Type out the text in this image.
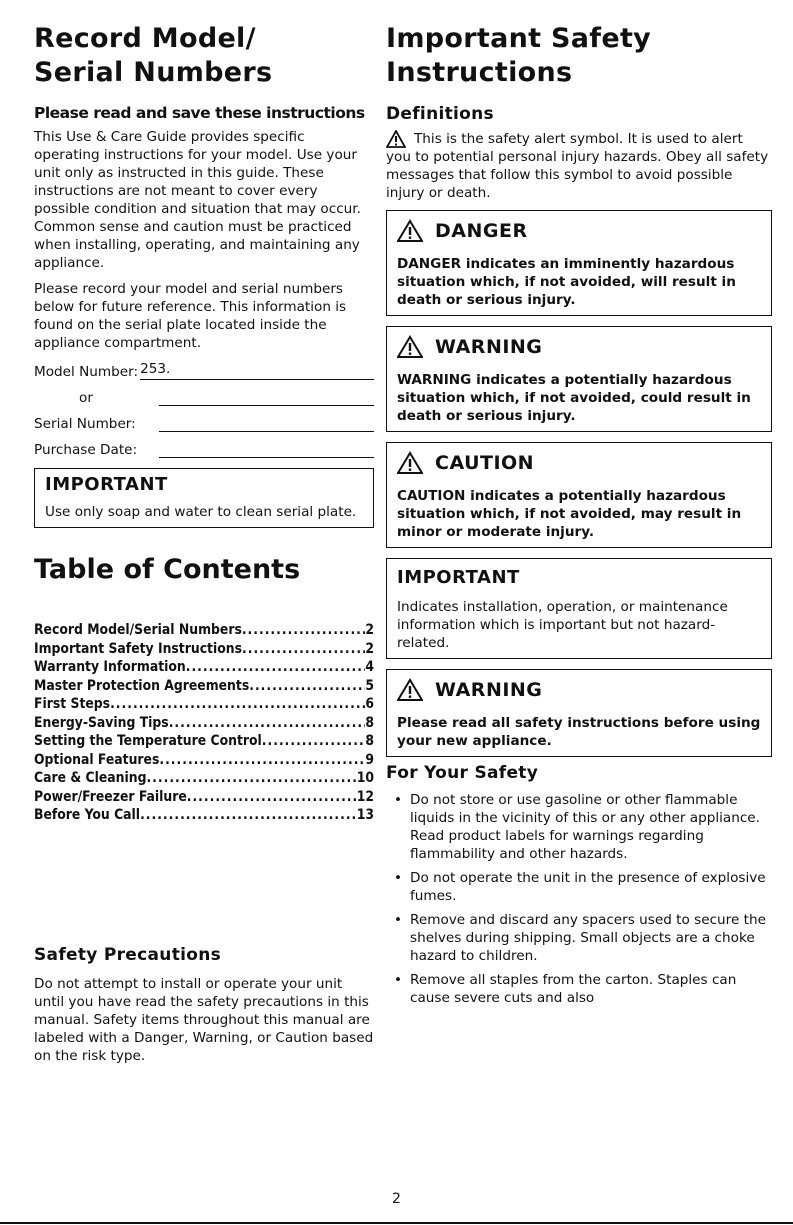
Record Model/
Serial Numbers
Please read and save these instructions

This Use & Care Guide provides specific operating instructions for your model. Use your unit only as instructed in this guide. These instructions are not meant to cover every possible condition and situation that may occur. Common sense and caution must be practiced when installing, operating, and maintaining any appliance.

Please record your model and serial numbers below for future reference. This information is found on the serial plate located inside the appliance compartment.

Model Number: 253.
or
Serial Number:
Purchase Date:
IMPORTANT
Use only soap and water to clean serial plate.
Table of Contents
Record Model/Serial Numbers .....	2
Important Safety Instructions .....	2
Warranty Information .....	4
Master Protection Agreements .....	5
First Steps .....	6
Energy-Saving Tips .....	8
Setting the Temperature Control .....	8
Optional Features .....	9
Care & Cleaning .....	10
Power/Freezer Failure .....	12
Before You Call .....	13
Safety Precautions

Do not attempt to install or operate your unit until you have read the safety precautions in this manual. Safety items throughout this manual are labeled with a Danger, Warning, or Caution based on the risk type.

Important Safety
Instructions
Definitions

This is the safety alert symbol. It is used to alert you to potential personal injury hazards. Obey all safety messages that follow this symbol to avoid possible injury or death.

DANGER
DANGER indicates an imminently hazardous situation which, if not avoided, will result in death or serious injury.
WARNING
WARNING indicates a potentially hazardous situation which, if not avoided, could result in death or serious injury.
CAUTION
CAUTION indicates a potentially hazardous situation which, if not avoided, may result in minor or moderate injury.
IMPORTANT
Indicates installation, operation, or maintenance information which is important but not hazard-related.
WARNING
Please read all safety instructions before using your new appliance.
For Your Safety
• Do not store or use gasoline or other flammable liquids in the vicinity of this or any other appliance. Read product labels for warnings regarding flammability and other hazards.
• Do not operate the unit in the presence of explosive fumes.
• Remove and discard any spacers used to secure the shelves during shipping. Small objects are a choke hazard to children.
• Remove all staples from the carton. Staples can cause severe cuts and also
2
